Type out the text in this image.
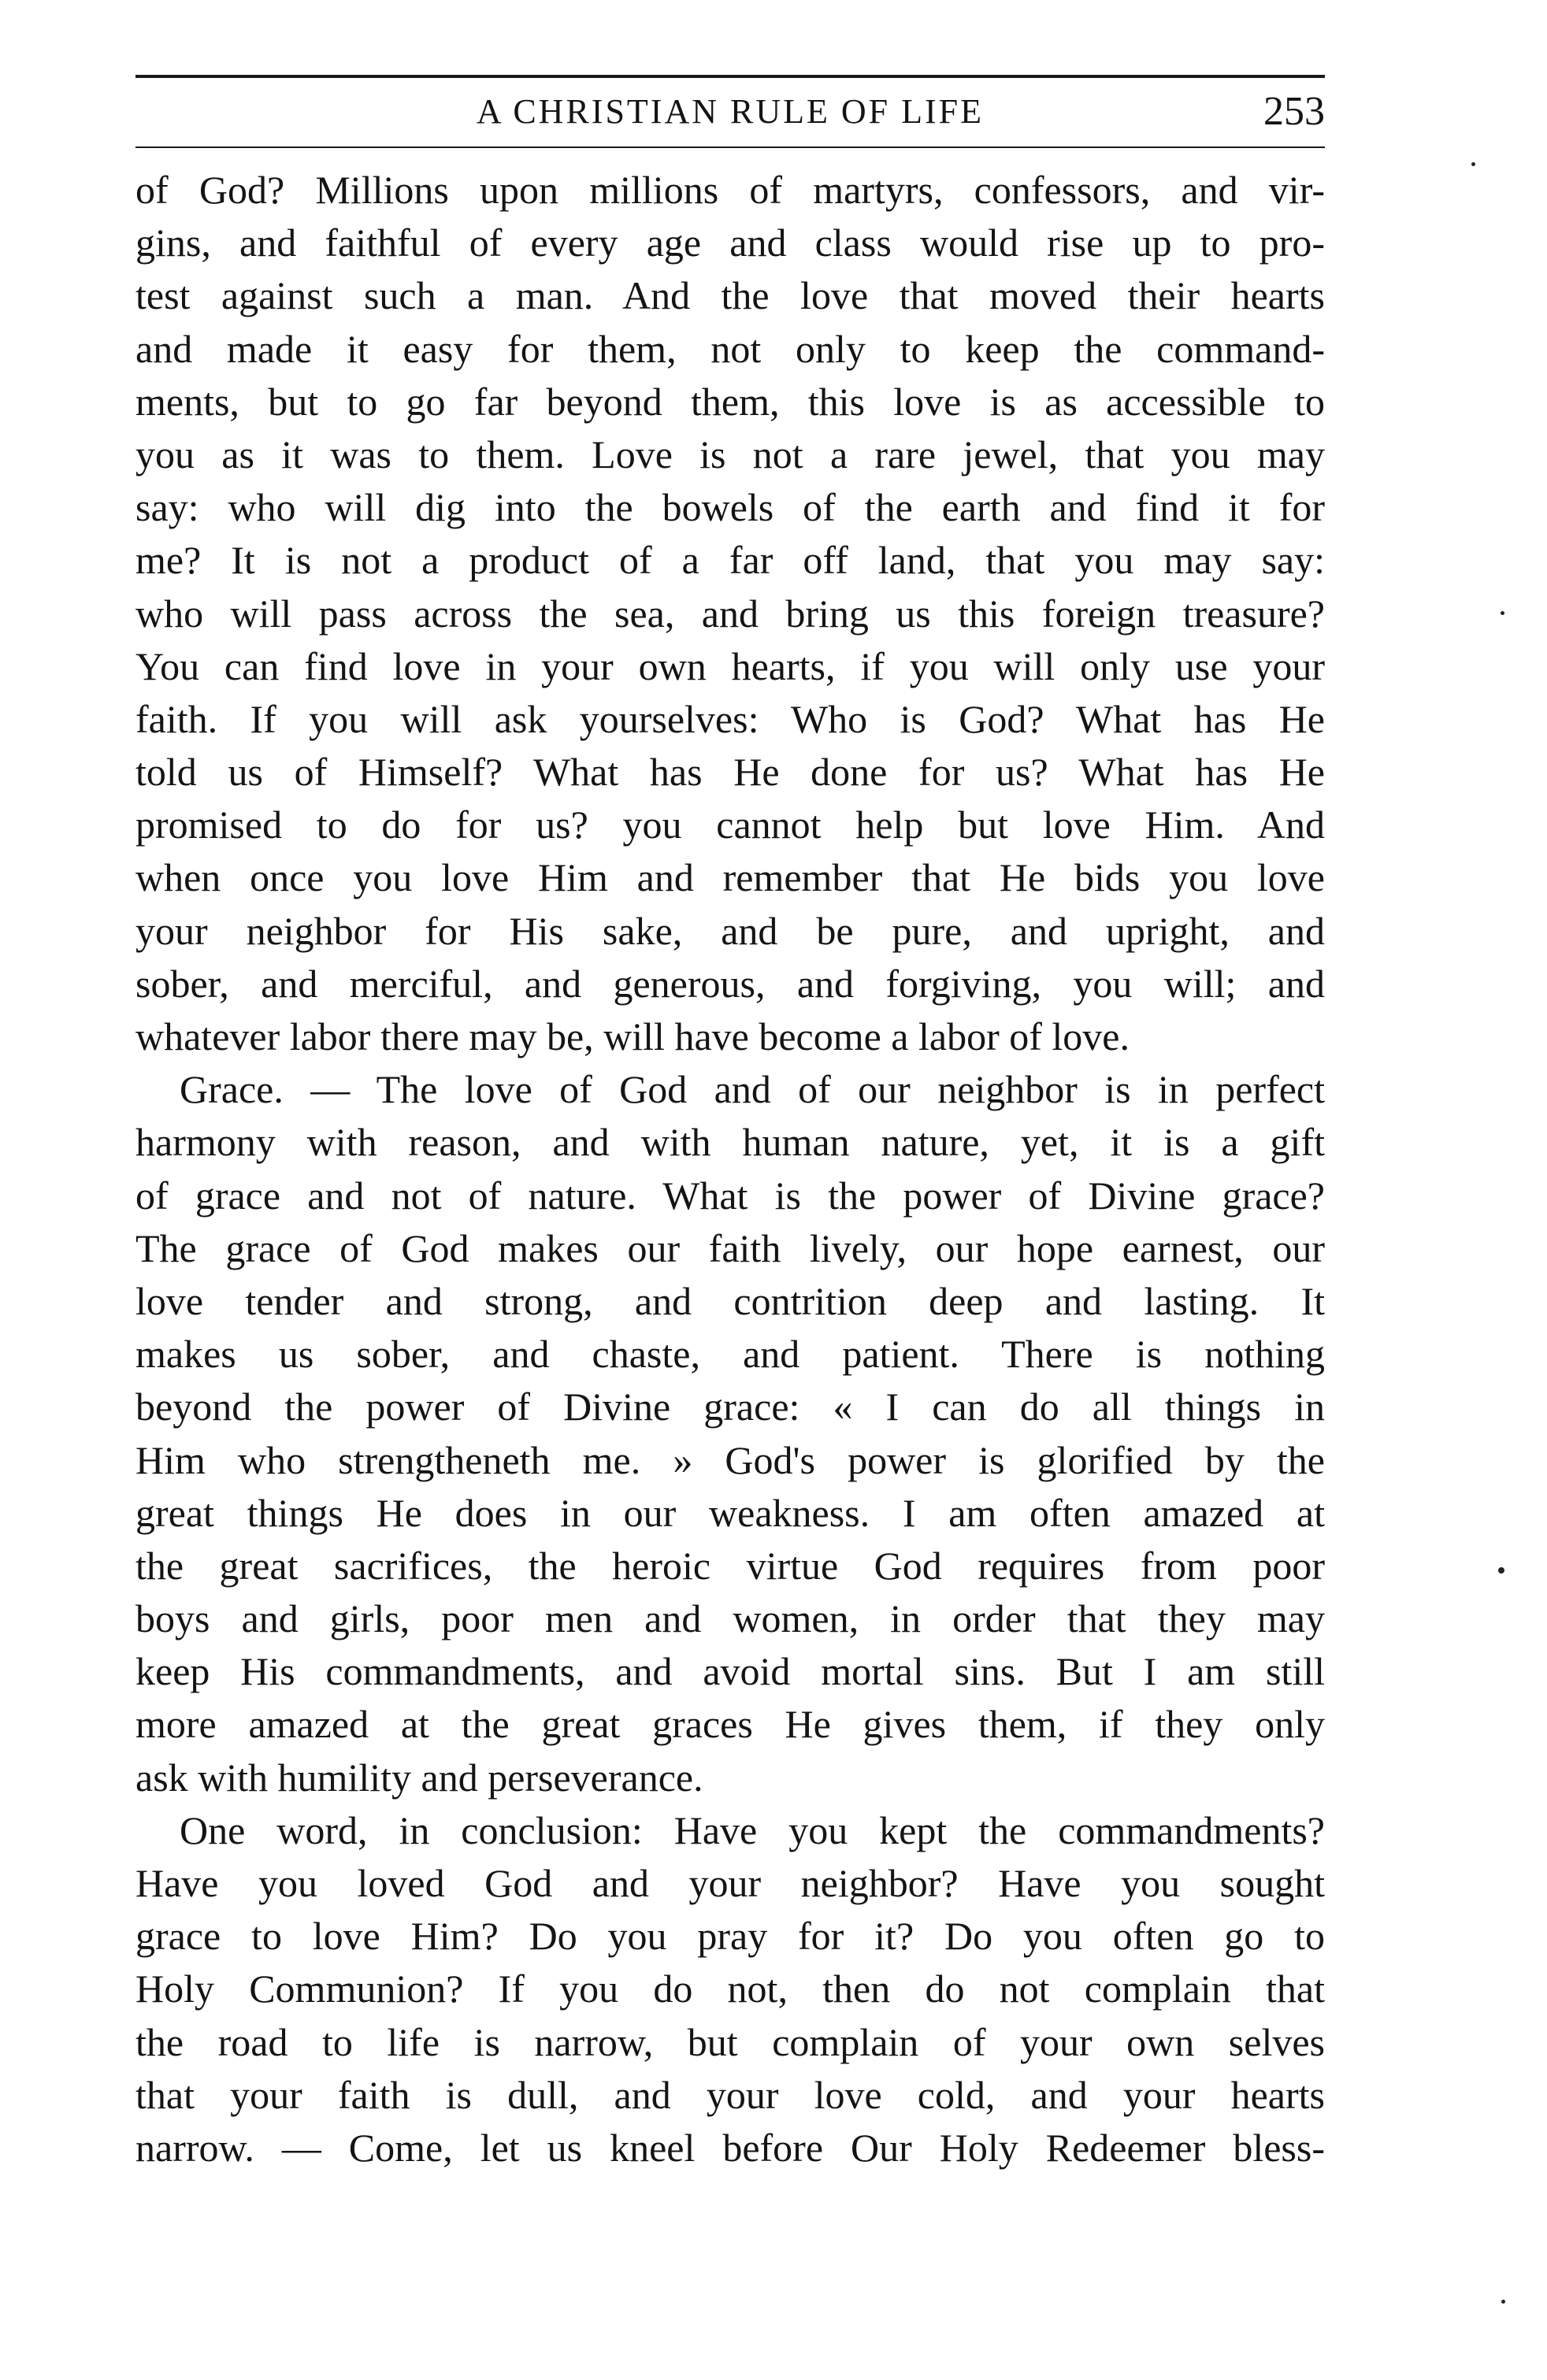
A CHRISTIAN RULE OF LIFE	253
of God? Millions upon millions of martyrs, confessors, and vir-
gins, and faithful of every age and class would rise up to pro-
test against such a man. And the love that moved their hearts
and made it easy for them, not only to keep the command-
ments, but to go far beyond them, this love is as accessible to
you as it was to them. Love is not a rare jewel, that you may
say: who will dig into the bowels of the earth and find it for
me? It is not a product of a far off land, that you may say:
who will pass across the sea, and bring us this foreign treasure?
You can find love in your own hearts, if you will only use your
faith. If you will ask yourselves: Who is God? What has He
told us of Himself? What has He done for us? What has He
promised to do for us? you cannot help but love Him. And
when once you love Him and remember that He bids you love
your neighbor for His sake, and be pure, and upright, and
sober, and merciful, and generous, and forgiving, you will; and
whatever labor there may be, will have become a labor of love.
Grace. — The love of God and of our neighbor is in perfect
harmony with reason, and with human nature, yet, it is a gift
of grace and not of nature. What is the power of Divine grace?
The grace of God makes our faith lively, our hope earnest, our
love tender and strong, and contrition deep and lasting. It
makes us sober, and chaste, and patient. There is nothing
beyond the power of Divine grace: « I can do all things in
Him who strengtheneth me. » God's power is glorified by the
great things He does in our weakness. I am often amazed at
the great sacrifices, the heroic virtue God requires from poor
boys and girls, poor men and women, in order that they may
keep His commandments, and avoid mortal sins. But I am still
more amazed at the great graces He gives them, if they only
ask with humility and perseverance.
One word, in conclusion: Have you kept the commandments?
Have you loved God and your neighbor? Have you sought
grace to love Him? Do you pray for it? Do you often go to
Holy Communion? If you do not, then do not complain that
the road to life is narrow, but complain of your own selves
that your faith is dull, and your love cold, and your hearts
narrow. — Come, let us kneel before Our Holy Redeemer bless-
